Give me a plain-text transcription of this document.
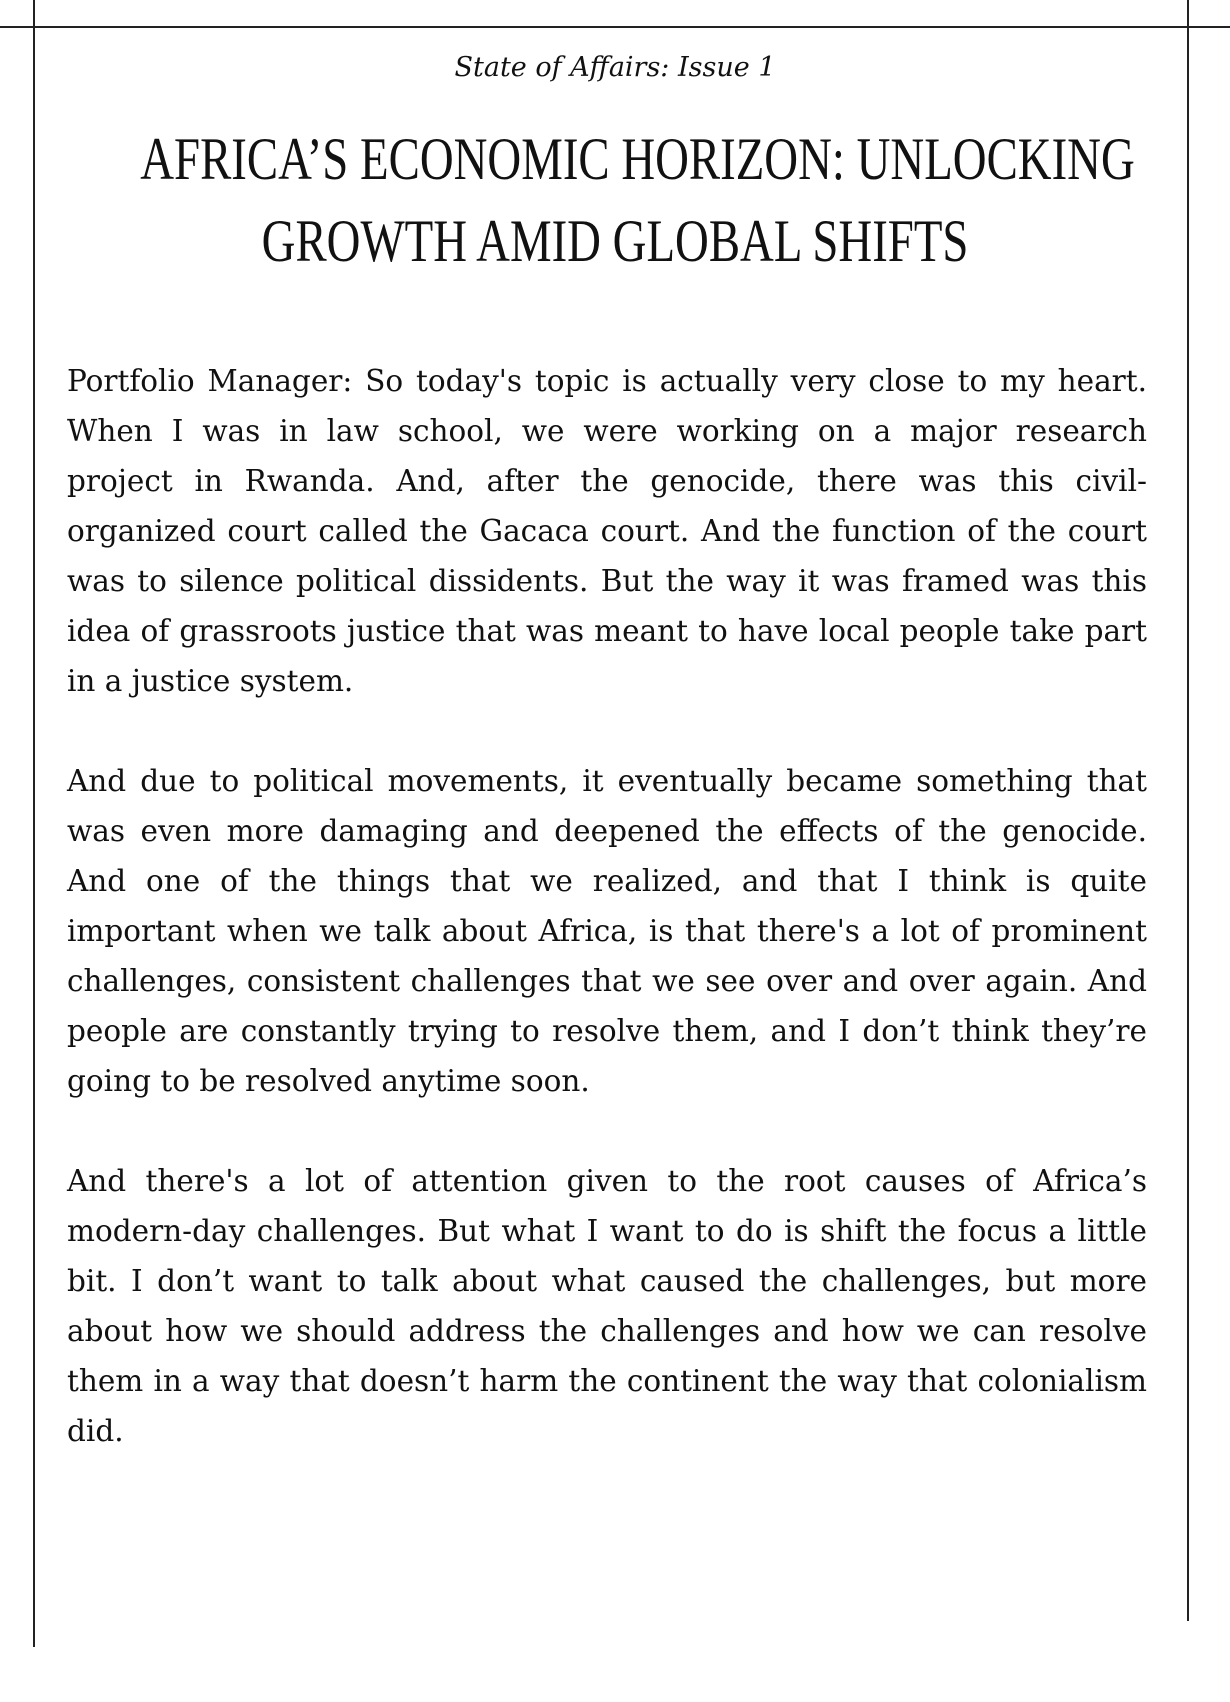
State of Affairs: Issue 1
AFRICA’S ECONOMIC HORIZON: UNLOCKING
GROWTH AMID GLOBAL SHIFTS

Portfolio Manager: So today's topic is actually very close to my heart. When I was in law school, we were working on a major research project in Rwanda. And, after the genocide, there was this civil-organized court called the Gacaca court. And the function of the court was to silence political dissidents. But the way it was framed was this idea of grassroots justice that was meant to have local people take part in a justice system.

And due to political movements, it eventually became something that was even more damaging and deepened the effects of the genocide. And one of the things that we realized, and that I think is quite important when we talk about Africa, is that there's a lot of prominent challenges, consistent challenges that we see over and over again. And people are constantly trying to resolve them, and I don’t think they’re going to be resolved anytime soon.

And there's a lot of attention given to the root causes of Africa’s modern-day challenges. But what I want to do is shift the focus a little bit. I don’t want to talk about what caused the challenges, but more about how we should address the challenges and how we can resolve them in a way that doesn’t harm the continent the way that colonialism did.
